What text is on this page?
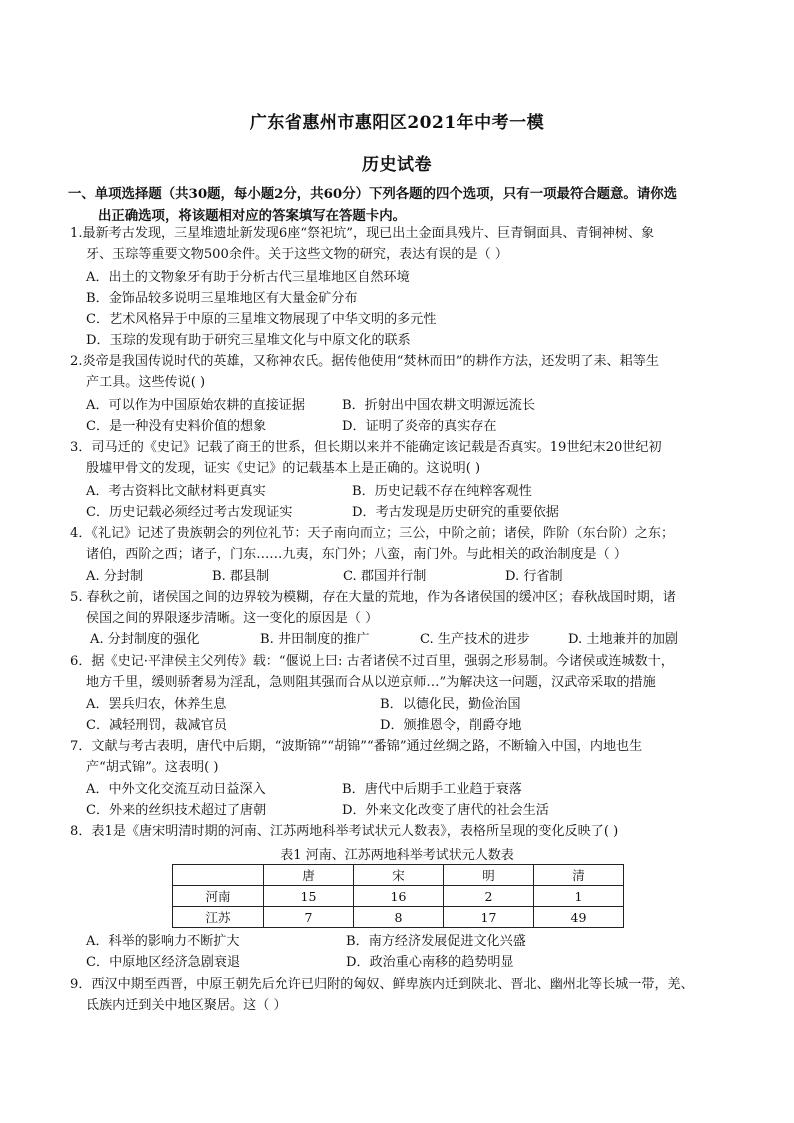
广东省惠州市惠阳区2021年中考一模
历史试卷
一、单项选择题（共30题，每小题2分，共60分）下列各题的四个选项，只有一项最符合题意。请你选
出正确选项，将该题相对应的答案填写在答题卡内。
1.最新考古发现，三星堆遗址新发现6座“祭祀坑”，现已出土金面具残片、巨青铜面具、青铜神树、象
牙、玉琮等重要文物500余件。关于这些文物的研究，表达有误的是（ ）
A．出土的文物象牙有助于分析古代三星堆地区自然环境
B．金饰品较多说明三星堆地区有大量金矿分布
C．艺术风格异于中原的三星堆文物展现了中华文明的多元性
D．玉琮的发现有助于研究三星堆文化与中原文化的联系
2.炎帝是我国传说时代的英雄，又称神农氏。据传他使用“焚林而田”的耕作方法，还发明了耒、耜等生
产工具。这些传说( )
A．可以作为中国原始农耕的直接证据	B．折射出中国农耕文明源远流长
C．是一种没有史料价值的想象	D．证明了炎帝的真实存在
3．司马迁的《史记》记载了商王的世系，但长期以来并不能确定该记载是否真实。19世纪末20世纪初
殷墟甲骨文的发现，证实《史记》的记载基本上是正确的。这说明( )
A．考古资料比文献材料更真实	B．历史记载不存在纯粹客观性
C．历史记载必须经过考古发现证实	D．考古发现是历史研究的重要依据
4．《礼记》记述了贵族朝会的列位礼节：天子南向而立；三公，中阶之前；诸侯，阼阶（东台阶）之东；
诸伯，西阶之西；诸子，门东……九夷，东门外；八蛮，南门外。与此相关的政治制度是（ ）
A. 分封制	B. 郡县制	C. 郡国并行制	D. 行省制
5. 春秋之前，诸侯国之间的边界较为模糊，存在大量的荒地，作为各诸侯国的缓冲区；春秋战国时期，诸
侯国之间的界限逐步清晰。这一变化的原因是（ ）
A. 分封制度的强化	B. 井田制度的推广	C. 生产技术的进步	D. 土地兼并的加剧
6．据《史记·平津侯主父列传》载：“偃说上曰: 古者诸侯不过百里，强弱之形易制。今诸侯或连城数十，
地方千里，缓则骄奢易为淫乱，急则阻其强而合从以逆京师…”为解决这一问题，汉武帝采取的措施
A．罢兵归农，休养生息	B．以德化民，勤俭治国
C．减轻刑罚，裁减官员	D．颁推恩令，削爵夺地
7．文献与考古表明，唐代中后期，“波斯锦”“胡锦”“番锦”通过丝绸之路，不断输入中国，内地也生
产“胡式锦”。这表明( )
A．中外文化交流互动日益深入	B．唐代中后期手工业趋于衰落
C．外来的丝织技术超过了唐朝	D．外来文化改变了唐代的社会生活
8．表1是《唐宋明清时期的河南、江苏两地科举考试状元人数表》，表格所呈现的变化反映了( )
表1 河南、江苏两地科举考试状元人数表
	唐	宋	明	清
河南	15	16	2	1
江苏	7	8	17	49
A．科举的影响力不断扩大	B．南方经济发展促进文化兴盛
C．中原地区经济急剧衰退	D．政治重心南移的趋势明显
9．西汉中期至西晋，中原王朝先后允许已归附的匈奴、鲜卑族内迁到陕北、晋北、幽州北等长城一带，羌、
氐族内迁到关中地区聚居。这（ ）
